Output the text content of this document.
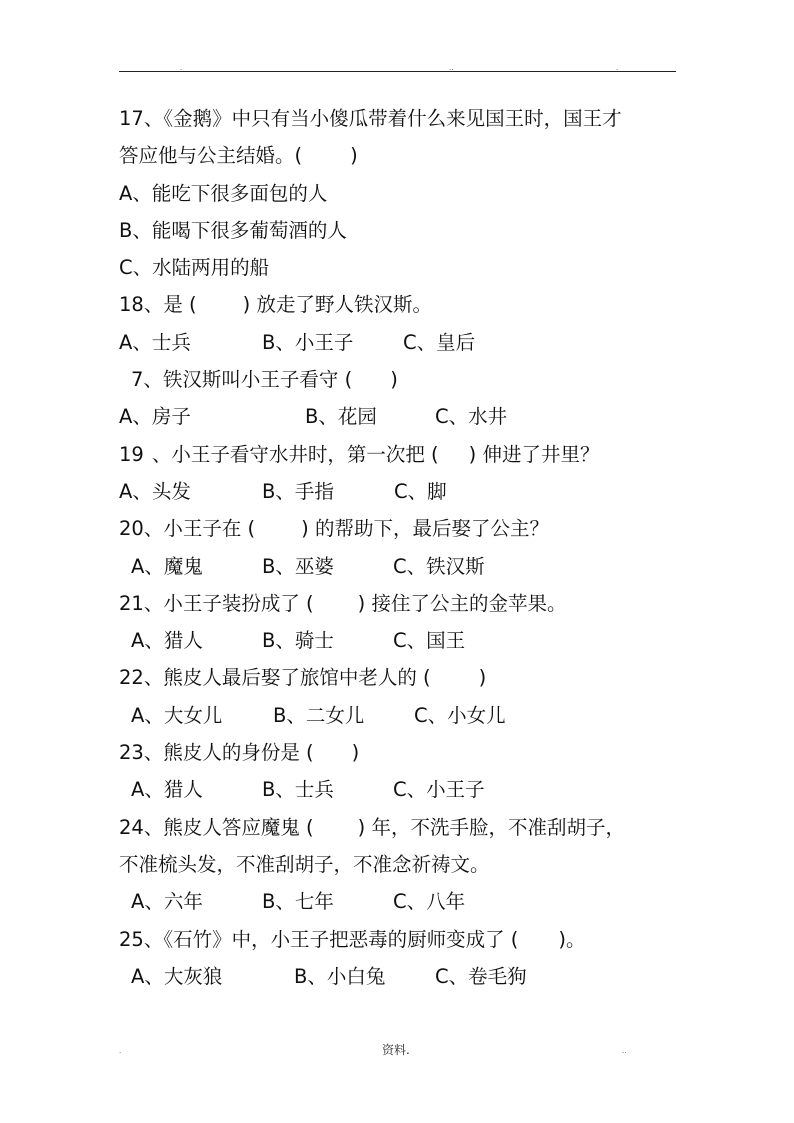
.	..	.
17、《金鹅》中只有当小傻瓜带着什么来见国王时，国王才
答应他与公主结婚。( )
A、能吃下很多面包的人
B、能喝下很多葡萄酒的人
C、水陆两用的船
18、是 ( ) 放走了野人铁汉斯。
A、士兵	B、小王子	C、皇后
7、铁汉斯叫小王子看守 ( )
A、房子	B、花园	C、水井
19 、小王子看守水井时，第一次把 ( ) 伸进了井里？
A、头发	B、手指	C、脚
20、小王子在 ( ) 的帮助下，最后娶了公主？
A、魔鬼	B、巫婆	C、铁汉斯
21、小王子装扮成了 ( ) 接住了公主的金苹果。
A、猎人	B、骑士	C、国王
22、熊皮人最后娶了旅馆中老人的 ( )
A、大女儿	B、二女儿	C、小女儿
23、熊皮人的身份是 ( )
A、猎人	B、士兵	C、小王子
24、熊皮人答应魔鬼 ( ) 年，不洗手脸，不准刮胡子，
不准梳头发，不准刮胡子，不准念祈祷文。
A、六年	B、七年	C、八年
25、《石竹》中，小王子把恶毒的厨师变成了 ( )。
A、大灰狼	B、小白兔	C、卷毛狗
.	资料.	..
